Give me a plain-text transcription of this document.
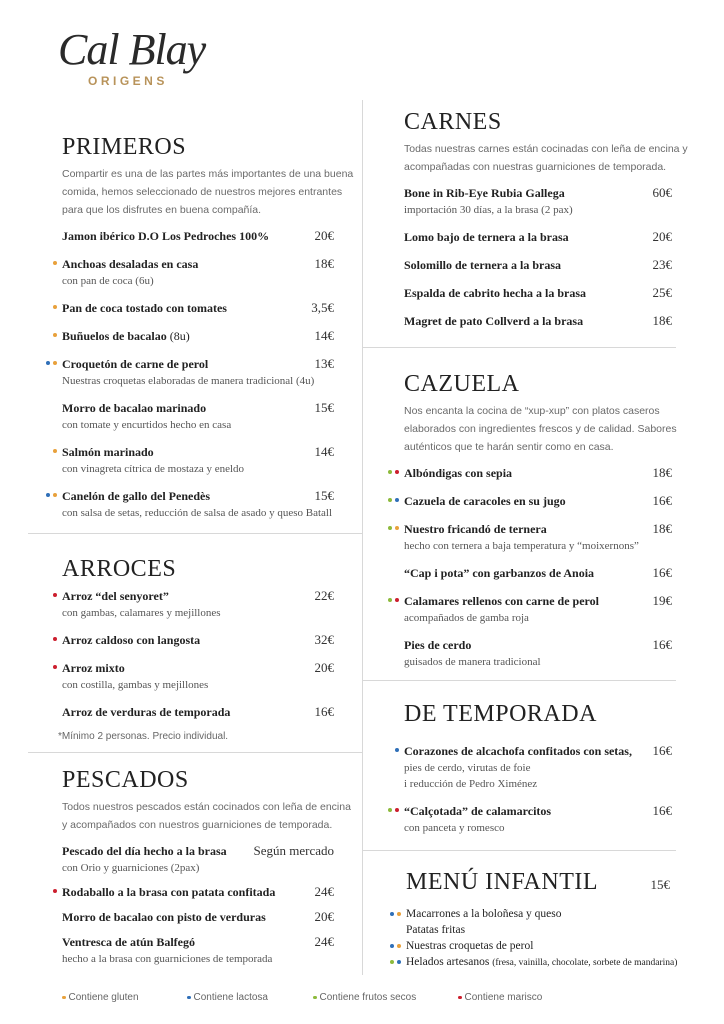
Cal Blay
ORIGENS
PRIMEROS
Compartir es una de las partes más importantes de una buena comida, hemos seleccionado de nuestros mejores entrantes para que los disfrutes en buena compañía.
Jamon ibérico D.O Los Pedroches 100%	20€
Anchoas desaladas en casa	18€
con pan de coca (6u)
Pan de coca tostado con tomates	3,5€
Buñuelos de bacalao (8u)	14€
Croquetón de carne de perol	13€
Nuestras croquetas elaboradas de manera tradicional (4u)
Morro de bacalao marinado	15€
con tomate y encurtidos hecho en casa
Salmón marinado	14€
con vinagreta cítrica de mostaza y eneldo
Canelón de gallo del Penedès	15€
con salsa de setas, reducción de salsa de asado y queso Batall
ARROCES
Arroz “del senyoret”	22€
con gambas, calamares y mejillones
Arroz caldoso con langosta	32€
Arroz mixto	20€
con costilla, gambas y mejillones
Arroz de verduras de temporada	16€
*Mínimo 2 personas. Precio individual.
PESCADOS
Todos nuestros pescados están cocinados con leña de encina y acompañados con nuestros guarniciones de temporada.
Pescado del día hecho a la brasa	Según mercado
con Orio y guarniciones (2pax)
Rodaballo a la brasa con patata confitada	24€
Morro de bacalao con pisto de verduras	20€
Ventresca de atún Balfegó	24€
hecho a la brasa con guarniciones de temporada
CARNES
Todas nuestras carnes están cocinadas con leña de encina y acompañadas con nuestras guarniciones de temporada.
Bone in Rib-Eye Rubia Gallega	60€
importación 30 días, a la brasa (2 pax)
Lomo bajo de ternera a la brasa	20€
Solomillo de ternera a la brasa	23€
Espalda de cabrito hecha a la brasa	25€
Magret de pato Collverd a la brasa	18€
CAZUELA
Nos encanta la cocina de “xup-xup” con platos caseros elaborados con ingredientes frescos y de calidad. Sabores auténticos que te harán sentir como en casa.
Albóndigas con sepia	18€
Cazuela de caracoles en su jugo	16€
Nuestro fricandó de ternera	18€
hecho con ternera a baja temperatura y “moixernons”
“Cap i pota” con garbanzos de Anoia	16€
Calamares rellenos con carne de perol	19€
acompañados de gamba roja
Pies de cerdo	16€
guisados de manera tradicional
DE TEMPORADA
Corazones de alcachofa confitados con setas,	16€
pies de cerdo, virutas de foie
i reducción de Pedro Ximénez
“Calçotada” de calamarcitos	16€
con panceta y romesco
MENÚ INFANTIL	15€
Macarrones a la boloñesa y queso
Patatas fritas
Nuestras croquetas de perol
Helados artesanos (fresa, vainilla, chocolate, sorbete de mandarina)
Contiene gluten	Contiene lactosa	Contiene frutos secos	Contiene marisco
